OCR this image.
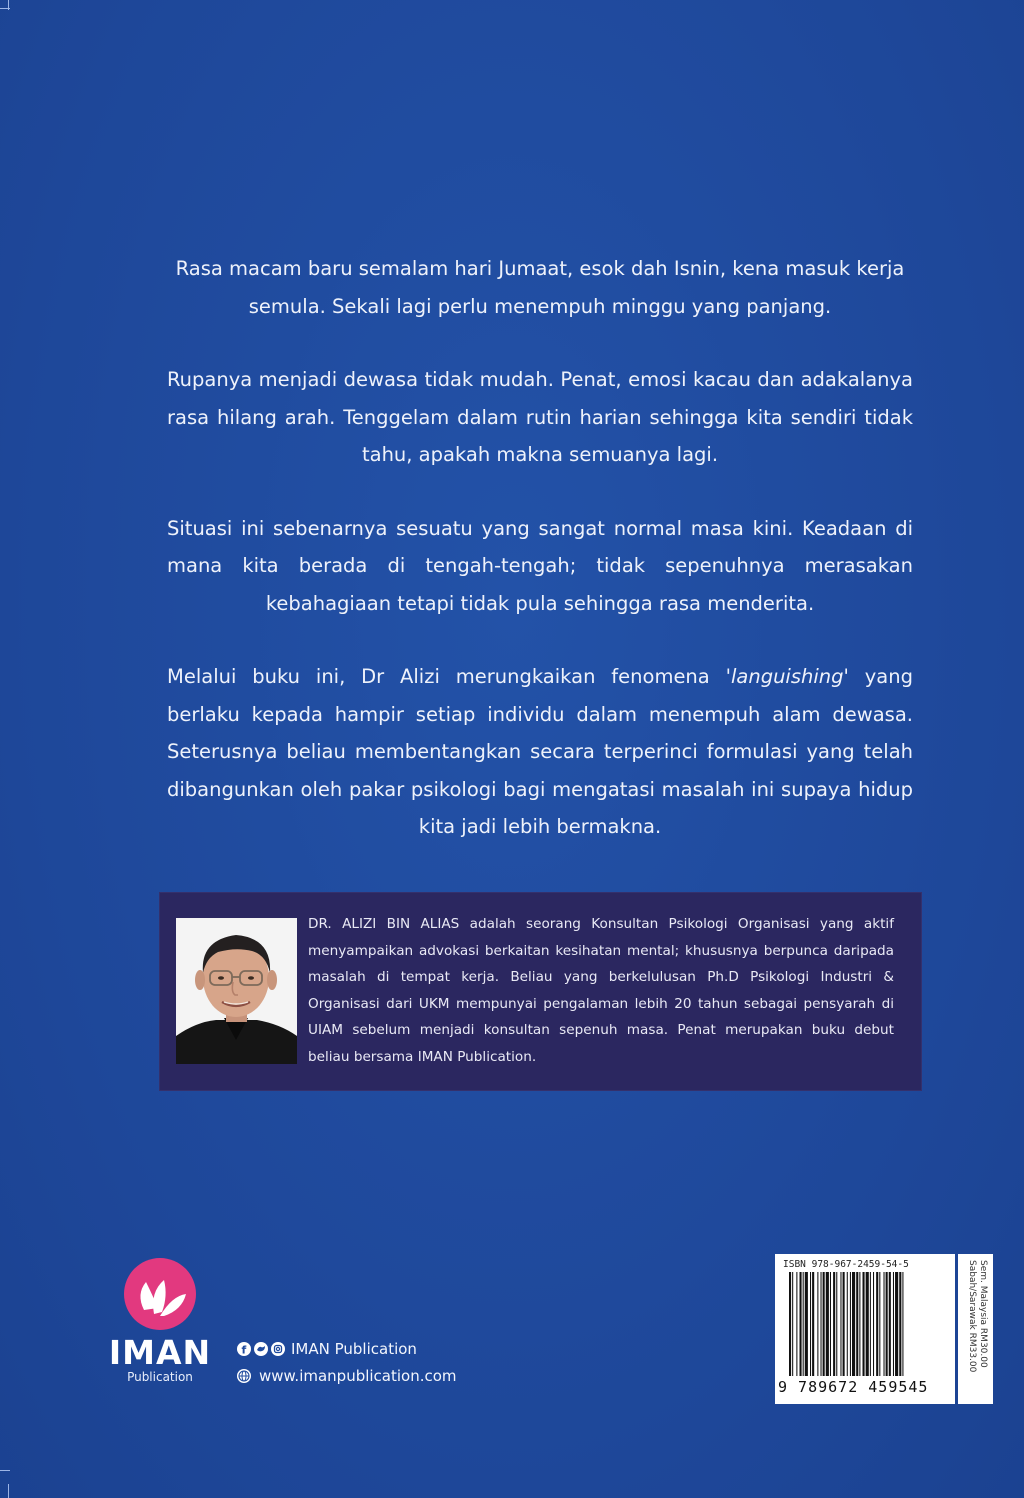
Rasa macam baru semalam hari Jumaat, esok dah Isnin, kena masuk kerja semula. Sekali lagi perlu menempuh minggu yang panjang.

Rupanya menjadi dewasa tidak mudah. Penat, emosi kacau dan adakalanya rasa hilang arah. Tenggelam dalam rutin harian sehingga kita sendiri tidak tahu, apakah makna semuanya lagi.

Situasi ini sebenarnya sesuatu yang sangat normal masa kini. Keadaan di mana kita berada di tengah-tengah; tidak sepenuhnya merasakan kebahagiaan tetapi tidak pula sehingga rasa menderita.

Melalui buku ini, Dr Alizi merungkaikan fenomena 'languishing' yang berlaku kepada hampir setiap individu dalam menempuh alam dewasa. Seterusnya beliau membentangkan secara terperinci formulasi yang telah dibangunkan oleh pakar psikologi bagi mengatasi masalah ini supaya hidup kita jadi lebih bermakna.

DR. ALIZI BIN ALIAS adalah seorang Konsultan Psikologi Organisasi yang aktif menyampaikan advokasi berkaitan kesihatan mental; khususnya berpunca daripada masalah di tempat kerja. Beliau yang berkelulusan Ph.D Psikologi Industri & Organisasi dari UKM mempunyai pengalaman lebih 20 tahun sebagai pensyarah di UIAM sebelum menjadi konsultan sepenuh masa. Penat merupakan buku debut beliau bersama IMAN Publication.
IMAN
Publication
f	IMAN Publication
www.imanpublication.com
ISBN 978-967-2459-54-5
9 789672 459545
Sem. Malaysia RM30.00
Sabah/Sarawak RM33.00
